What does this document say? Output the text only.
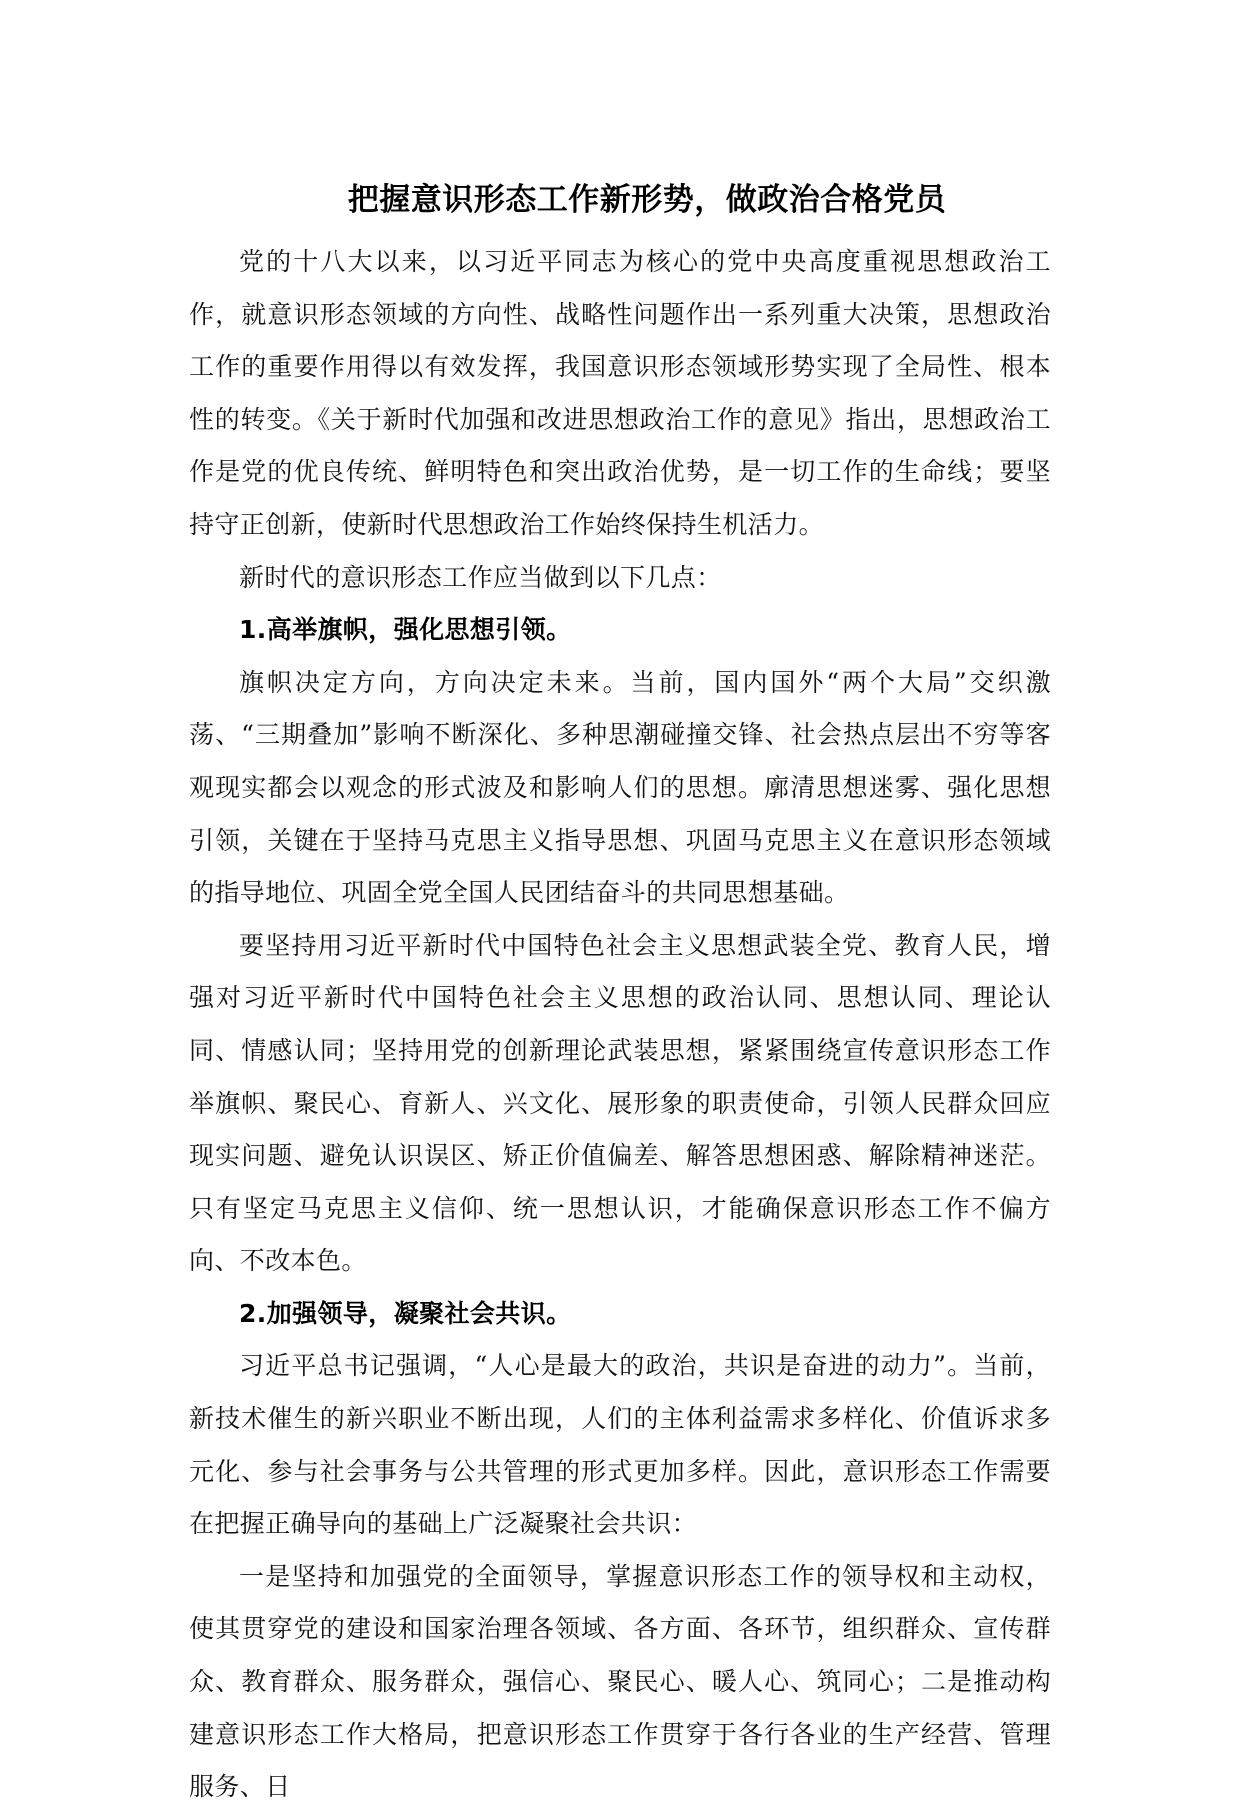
把握意识形态工作新形势，做政治合格党员

党的十八大以来，以习近平同志为核心的党中央高度重视思想政治工作，就意识形态领域的方向性、战略性问题作出一系列重大决策，思想政治工作的重要作用得以有效发挥，我国意识形态领域形势实现了全局性、根本性的转变。《关于新时代加强和改进思想政治工作的意见》指出，思想政治工作是党的优良传统、鲜明特色和突出政治优势，是一切工作的生命线；要坚持守正创新，使新时代思想政治工作始终保持生机活力。

新时代的意识形态工作应当做到以下几点：

1.高举旗帜，强化思想引领。

旗帜决定方向，方向决定未来。当前，国内国外“两个大局”交织激荡、“三期叠加”影响不断深化、多种思潮碰撞交锋、社会热点层出不穷等客观现实都会以观念的形式波及和影响人们的思想。廓清思想迷雾、强化思想引领，关键在于坚持马克思主义指导思想、巩固马克思主义在意识形态领域的指导地位、巩固全党全国人民团结奋斗的共同思想基础。

要坚持用习近平新时代中国特色社会主义思想武装全党、教育人民，增强对习近平新时代中国特色社会主义思想的政治认同、思想认同、理论认同、情感认同；坚持用党的创新理论武装思想，紧紧围绕宣传意识形态工作举旗帜、聚民心、育新人、兴文化、展形象的职责使命，引领人民群众回应现实问题、避免认识误区、矫正价值偏差、解答思想困惑、解除精神迷茫。只有坚定马克思主义信仰、统一思想认识，才能确保意识形态工作不偏方向、不改本色。

2.加强领导，凝聚社会共识。

习近平总书记强调，“人心是最大的政治，共识是奋进的动力”。当前，新技术催生的新兴职业不断出现，人们的主体利益需求多样化、价值诉求多元化、参与社会事务与公共管理的形式更加多样。因此，意识形态工作需要在把握正确导向的基础上广泛凝聚社会共识：

一是坚持和加强党的全面领导，掌握意识形态工作的领导权和主动权，使其贯穿党的建设和国家治理各领域、各方面、各环节，组织群众、宣传群众、教育群众、服务群众，强信心、聚民心、暖人心、筑同心；二是推动构建意识形态工作大格局，把意识形态工作贯穿于各行各业的生产经营、管理服务、日
